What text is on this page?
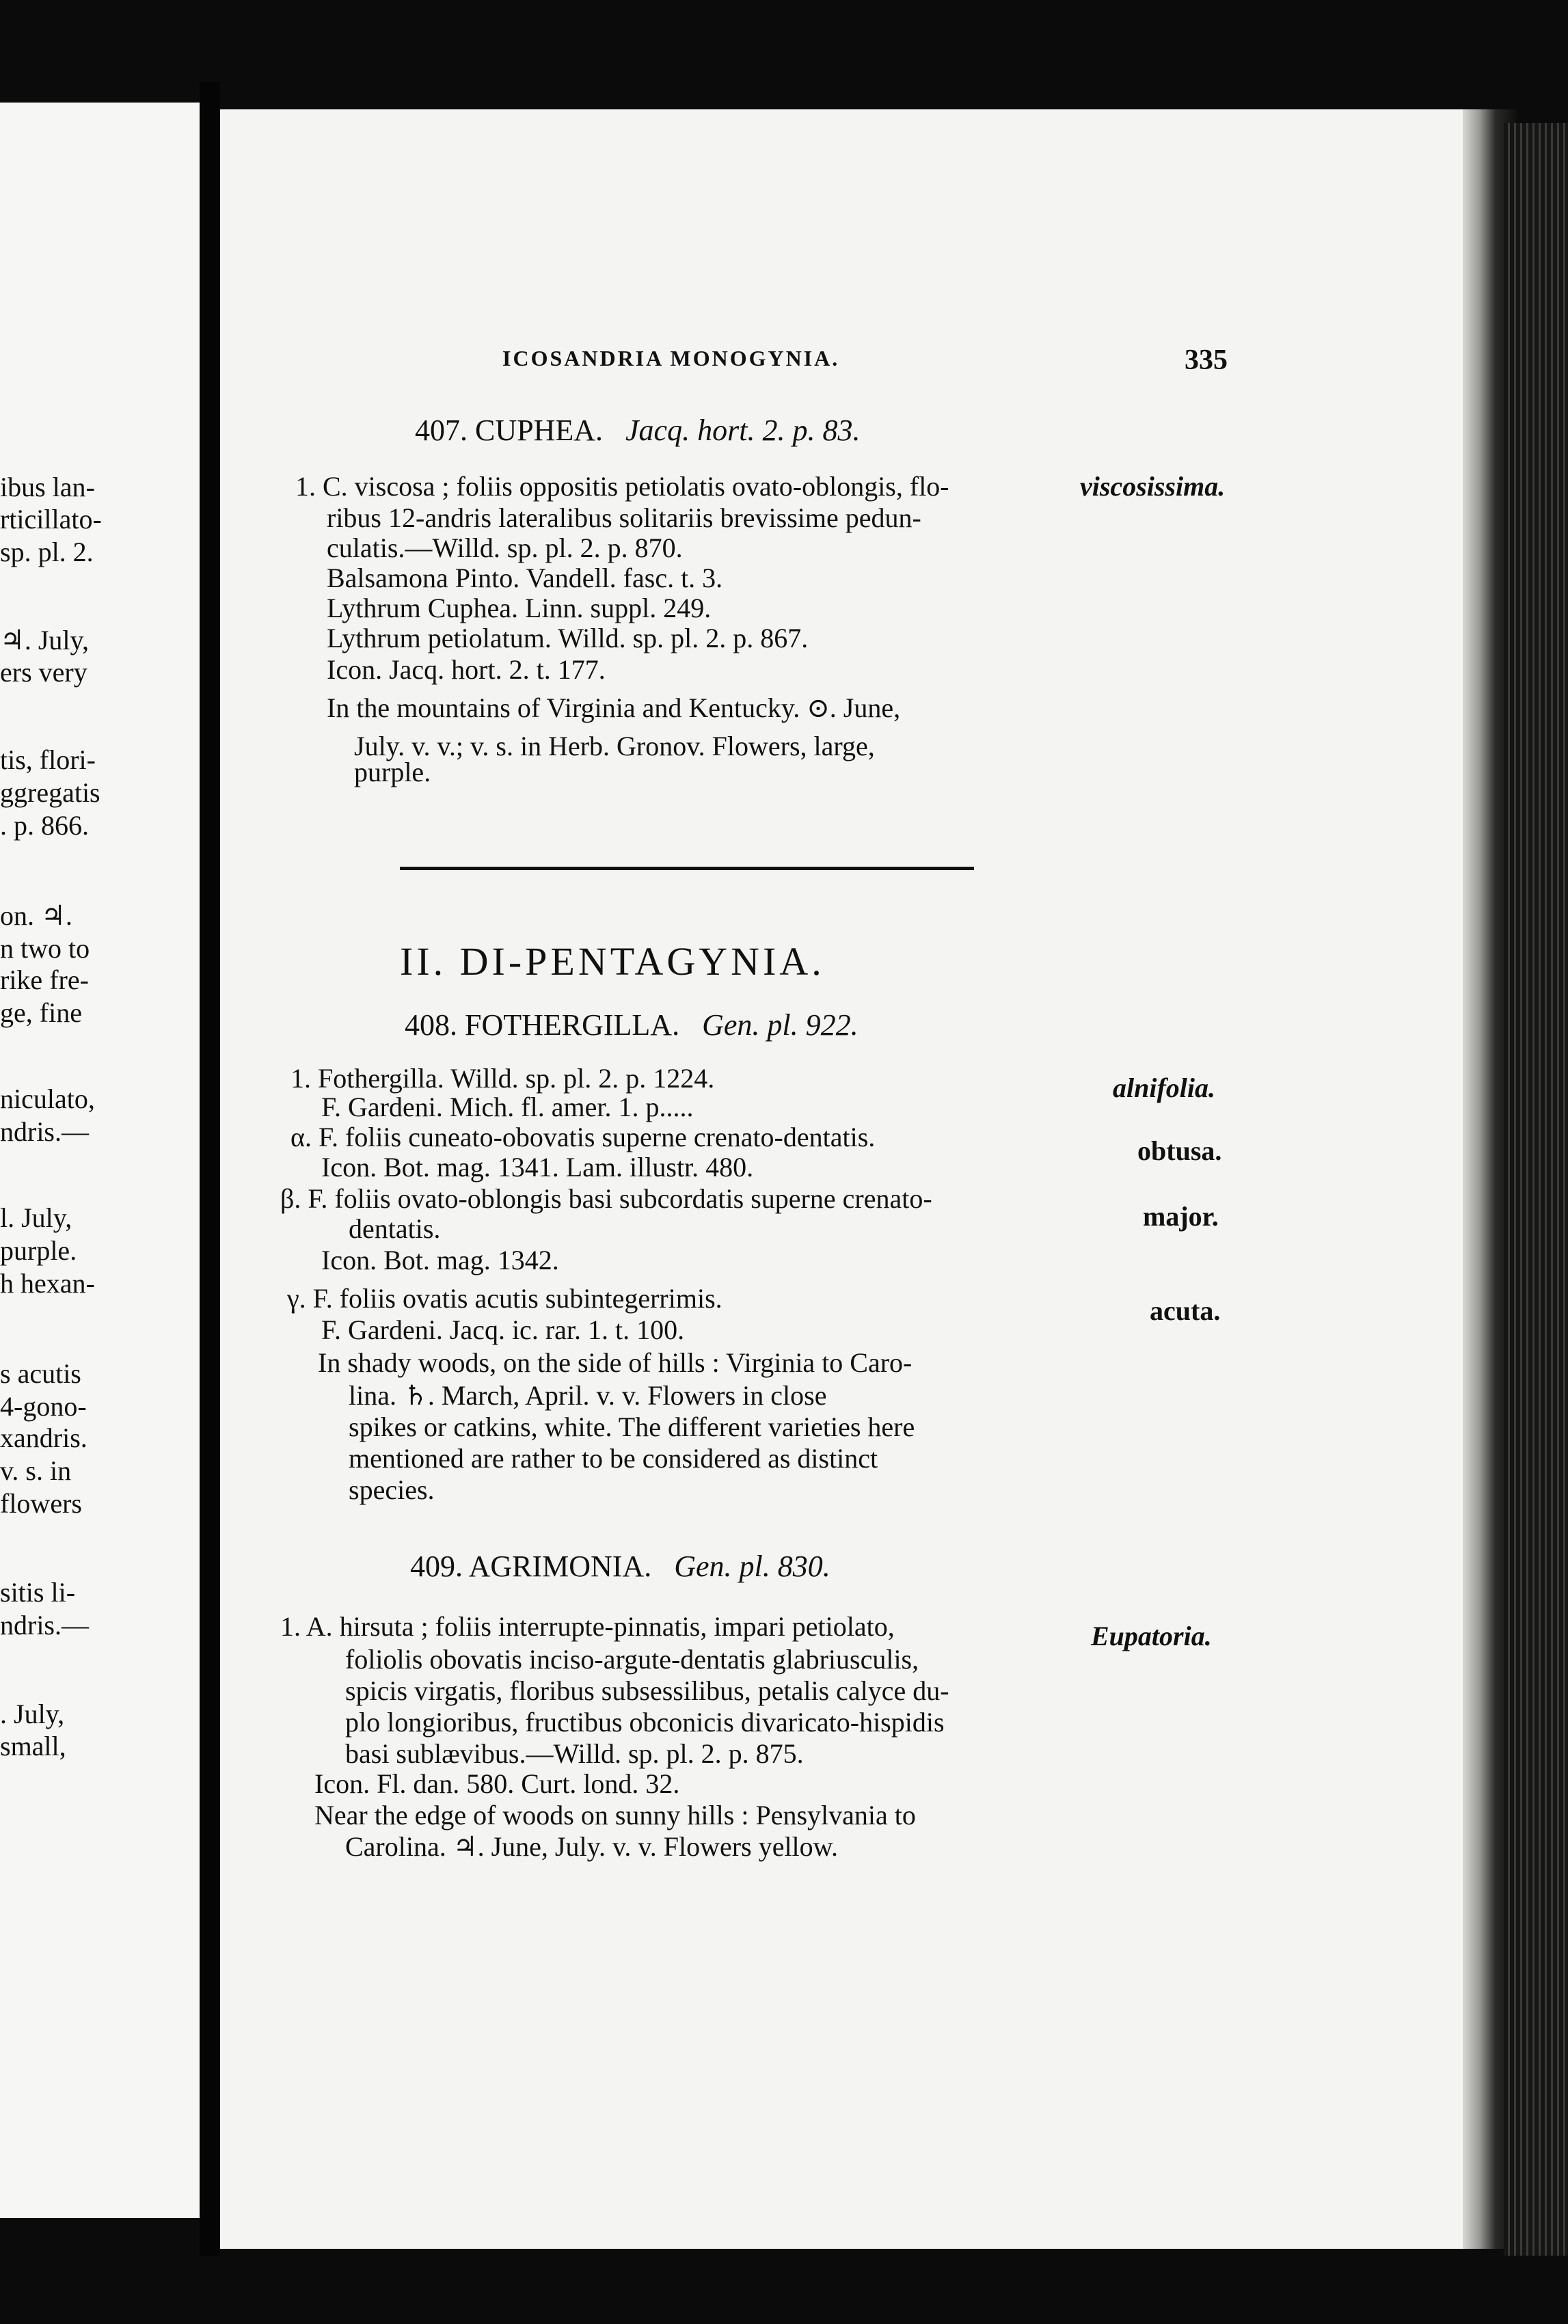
ibus lan-
rticillato-
sp. pl. 2.
♃. July,
ers very
tis, flori-
ggregatis
. p. 866.
on. ♃.
n two to
rike fre-
ge, fine
niculato,
ndris.—
l. July,
purple.
h hexan-
s acutis
4-gono-
xandris.
v. s. in
flowers
sitis li-
ndris.—
. July,
small,
ICOSANDRIA MONOGYNIA.	335
407. CUPHEA. Jacq. hort. 2. p. 83.
1. C. viscosa ; foliis oppositis petiolatis ovato-oblongis, flo-
ribus 12-andris lateralibus solitariis brevissime pedun-
culatis.—Willd. sp. pl. 2. p. 870.
Balsamona Pinto. Vandell. fasc. t. 3.
Lythrum Cuphea. Linn. suppl. 249.
Lythrum petiolatum. Willd. sp. pl. 2. p. 867.
Icon. Jacq. hort. 2. t. 177.
In the mountains of Virginia and Kentucky. ⊙. June,
July. v. v.; v. s. in Herb. Gronov. Flowers, large,
purple.
viscosissima.
II. DI-PENTAGYNIA.
408. FOTHERGILLA. Gen. pl. 922.
1. Fothergilla. Willd. sp. pl. 2. p. 1224.
F. Gardeni. Mich. fl. amer. 1. p.....
α. F. foliis cuneato-obovatis superne crenato-dentatis.
Icon. Bot. mag. 1341. Lam. illustr. 480.
β. F. foliis ovato-oblongis basi subcordatis superne crenato-
dentatis.
Icon. Bot. mag. 1342.
γ. F. foliis ovatis acutis subintegerrimis.
F. Gardeni. Jacq. ic. rar. 1. t. 100.
In shady woods, on the side of hills : Virginia to Caro-
lina. ♄. March, April. v. v. Flowers in close
spikes or catkins, white. The different varieties here
mentioned are rather to be considered as distinct
species.
alnifolia.
obtusa.
major.
acuta.
409. AGRIMONIA. Gen. pl. 830.
1. A. hirsuta ; foliis interrupte-pinnatis, impari petiolato,
foliolis obovatis inciso-argute-dentatis glabriusculis,
spicis virgatis, floribus subsessilibus, petalis calyce du-
plo longioribus, fructibus obconicis divaricato-hispidis
basi sublævibus.—Willd. sp. pl. 2. p. 875.
Icon. Fl. dan. 580. Curt. lond. 32.
Near the edge of woods on sunny hills : Pensylvania to
Carolina. ♃. June, July. v. v. Flowers yellow.
Eupatoria.
